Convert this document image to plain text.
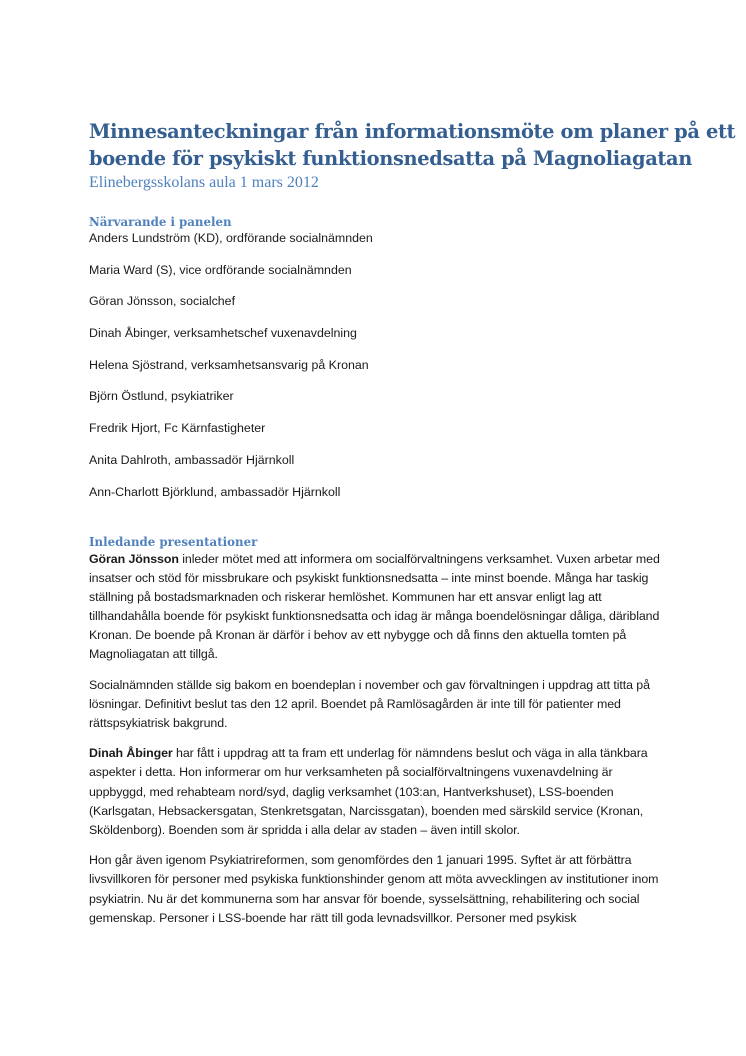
Minnesanteckningar från informationsmöte om planer på ett
boende för psykiskt funktionsnedsatta på Magnoliagatan
Elinebergsskolans aula 1 mars 2012
Närvarande i panelen
Anders Lundström (KD), ordförande socialnämnden
Maria Ward (S), vice ordförande socialnämnden
Göran Jönsson, socialchef
Dinah Åbinger, verksamhetschef vuxenavdelning
Helena Sjöstrand, verksamhetsansvarig på Kronan
Björn Östlund, psykiatriker
Fredrik Hjort, Fc Kärnfastigheter
Anita Dahlroth, ambassadör Hjärnkoll
Ann-Charlott Björklund, ambassadör Hjärnkoll
Inledande presentationer

Göran Jönsson inleder mötet med att informera om socialförvaltningens verksamhet. Vuxen arbetar med insatser och stöd för missbrukare och psykiskt funktionsnedsatta – inte minst boende. Många har taskig ställning på bostadsmarknaden och riskerar hemlöshet. Kommunen har ett ansvar enligt lag att tillhandahålla boende för psykiskt funktionsnedsatta och idag är många boendelösningar dåliga, däribland Kronan. De boende på Kronan är därför i behov av ett nybygge och då finns den aktuella tomten på Magnoliagatan att tillgå.

Socialnämnden ställde sig bakom en boendeplan i november och gav förvaltningen i uppdrag att titta på lösningar. Definitivt beslut tas den 12 april. Boendet på Ramlösagården är inte till för patienter med rättspsykiatrisk bakgrund.

Dinah Åbinger har fått i uppdrag att ta fram ett underlag för nämndens beslut och väga in alla tänkbara aspekter i detta. Hon informerar om hur verksamheten på socialförvaltningens vuxenavdelning är uppbyggd, med rehabteam nord/syd, daglig verksamhet (103:an, Hantverkshuset), LSS-boenden (Karlsgatan, Hebsackersgatan, Stenkretsgatan, Narcissgatan), boenden med särskild service (Kronan, Sköldenborg). Boenden som är spridda i alla delar av staden – även intill skolor.

Hon går även igenom Psykiatrireformen, som genomfördes den 1 januari 1995. Syftet är att förbättra livsvillkoren för personer med psykiska funktionshinder genom att möta avvecklingen av institutioner inom psykiatrin. Nu är det kommunerna som har ansvar för boende, sysselsättning, rehabilitering och social gemenskap. Personer i LSS-boende har rätt till goda levnadsvillkor. Personer med psykisk
